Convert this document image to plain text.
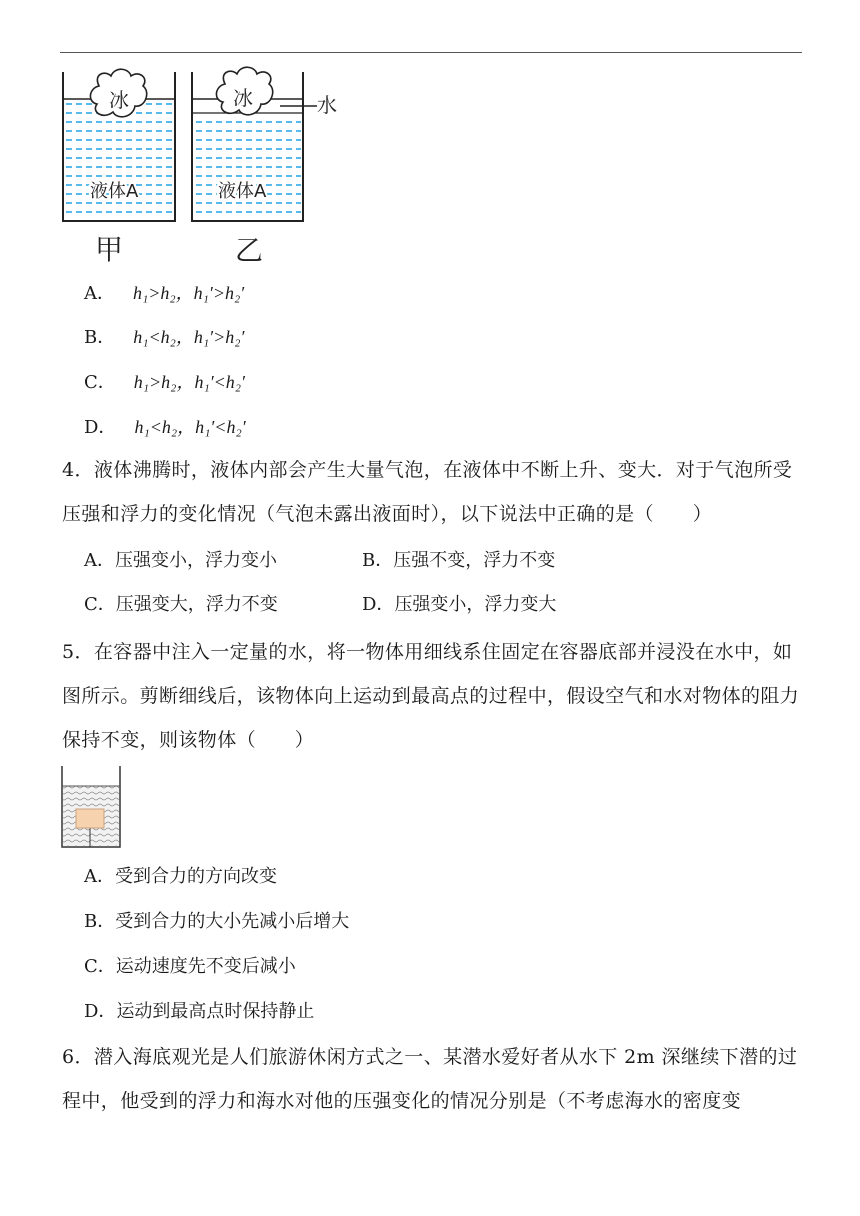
冰
液体A
甲
冰	水
液体A
乙
A． h₁>h₂，h₁′>h₂′
B． h₁<h₂，h₁′>h₂′
C． h₁>h₂，h₁′<h₂′
D． h₁<h₂，h₁′<h₂′
4．液体沸腾时，液体内部会产生大量气泡，在液体中不断上升、变大．对于气泡所受压强和浮力的变化情况（气泡未露出液面时），以下说法中正确的是（　　）
A．压强变小，浮力变小	B．压强不变，浮力不变
C．压强变大，浮力不变	D．压强变小，浮力变大
5．在容器中注入一定量的水，将一物体用细线系住固定在容器底部并浸没在水中，如图所示。剪断细线后，该物体向上运动到最高点的过程中，假设空气和水对物体的阻力保持不变，则该物体（　　）
A．受到合力的方向改变
B．受到合力的大小先减小后增大
C．运动速度先不变后减小
D．运动到最高点时保持静止
6．潜入海底观光是人们旅游休闲方式之一、某潜水爱好者从水下 2m 深继续下潜的过程中，他受到的浮力和海水对他的压强变化的情况分别是（不考虑海水的密度变
